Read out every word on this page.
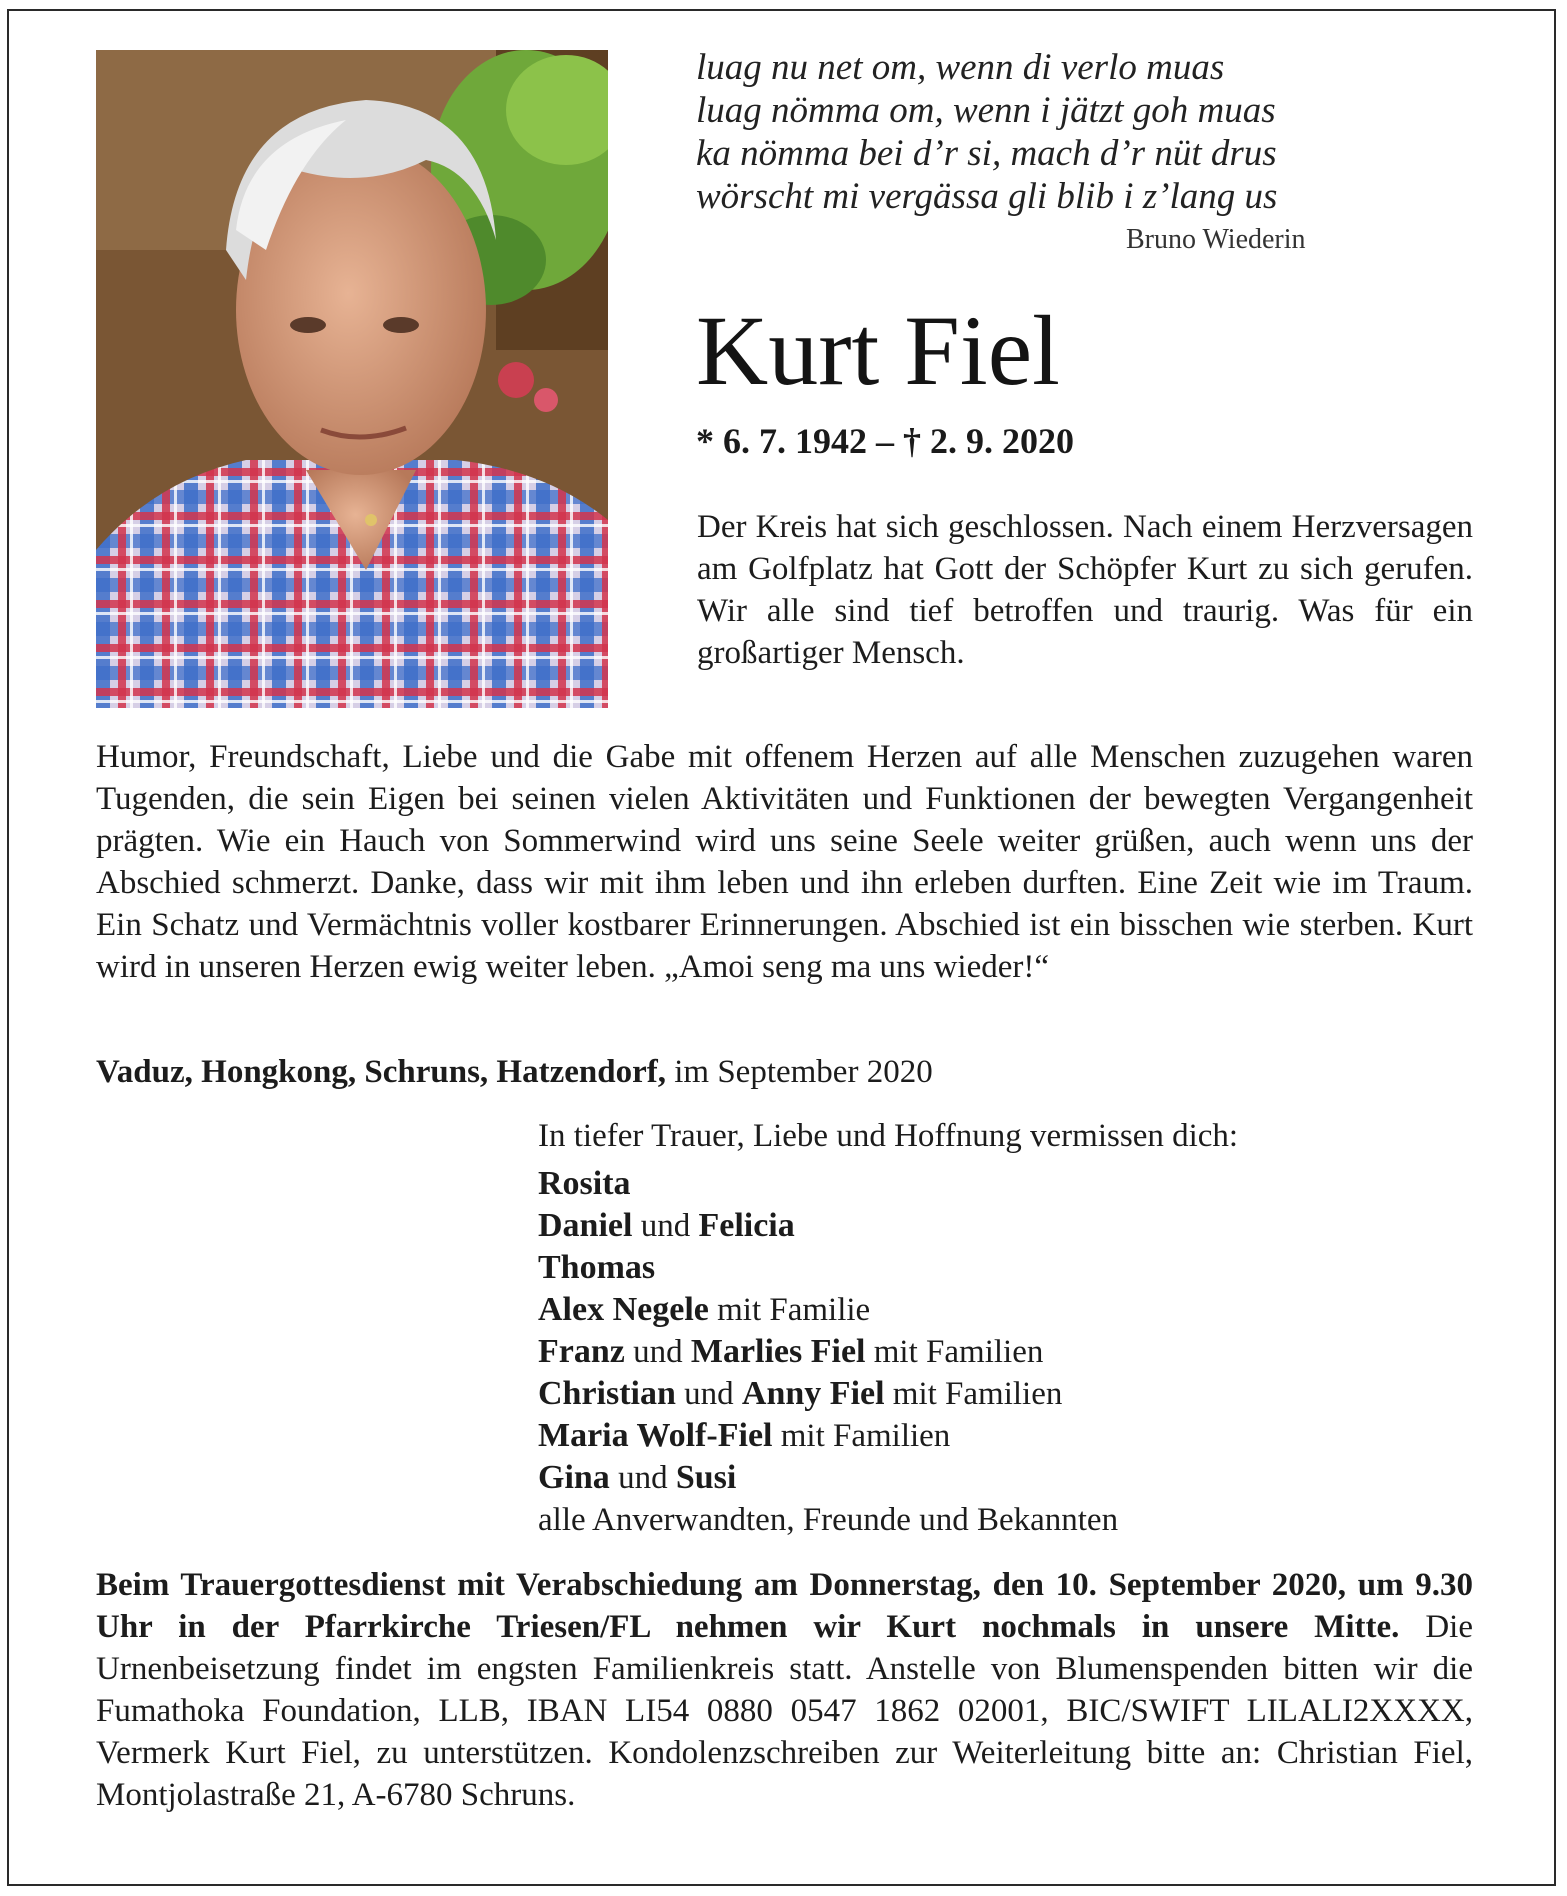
luag nu net om, wenn di verlo muas
luag nömma om, wenn i jätzt goh muas
ka nömma bei d’r si, mach d’r nüt drus
wörscht mi vergässa gli blib i z’lang us
Bruno Wiederin
Kurt Fiel
* 6. 7. 1942 – † 2. 9. 2020
Der Kreis hat sich geschlossen. Nach einem Herzversagen am Golfplatz hat Gott der Schöpfer Kurt zu sich gerufen. Wir alle sind tief betroffen und traurig. Was für ein großartiger Mensch.
Humor, Freundschaft, Liebe und die Gabe mit offenem Herzen auf alle Menschen zuzugehen waren Tugenden, die sein Eigen bei seinen vielen Aktivitäten und Funktionen der bewegten Vergangenheit prägten. Wie ein Hauch von Sommerwind wird uns seine Seele weiter grüßen, auch wenn uns der Abschied schmerzt. Danke, dass wir mit ihm leben und ihn erleben durften. Eine Zeit wie im Traum. Ein Schatz und Vermächtnis voller kostbarer Erinnerungen. Abschied ist ein bisschen wie sterben. Kurt wird in unseren Herzen ewig weiter leben. „Amoi seng ma uns wieder!“
Vaduz, Hongkong, Schruns, Hatzendorf, im September 2020
In tiefer Trauer, Liebe und Hoffnung vermissen dich:
Rosita
Daniel und Felicia
Thomas
Alex Negele mit Familie
Franz und Marlies Fiel mit Familien
Christian und Anny Fiel mit Familien
Maria Wolf-Fiel mit Familien
Gina und Susi
alle Anverwandten, Freunde und Bekannten
Beim Trauergottesdienst mit Verabschiedung am Donnerstag, den 10. September 2020, um 9.30 Uhr in der Pfarrkirche Triesen/FL nehmen wir Kurt nochmals in unsere Mitte. Die Urnenbeisetzung findet im engsten Familienkreis statt. Anstelle von Blumenspenden bitten wir die Fumathoka Foundation, LLB, IBAN LI54 0880 0547 1862 02001, BIC/SWIFT LILALI2XXXX, Vermerk Kurt Fiel, zu unterstützen. Kondolenzschreiben zur Weiterleitung bitte an: Christian Fiel, Montjolastraße 21, A-6780 Schruns.
